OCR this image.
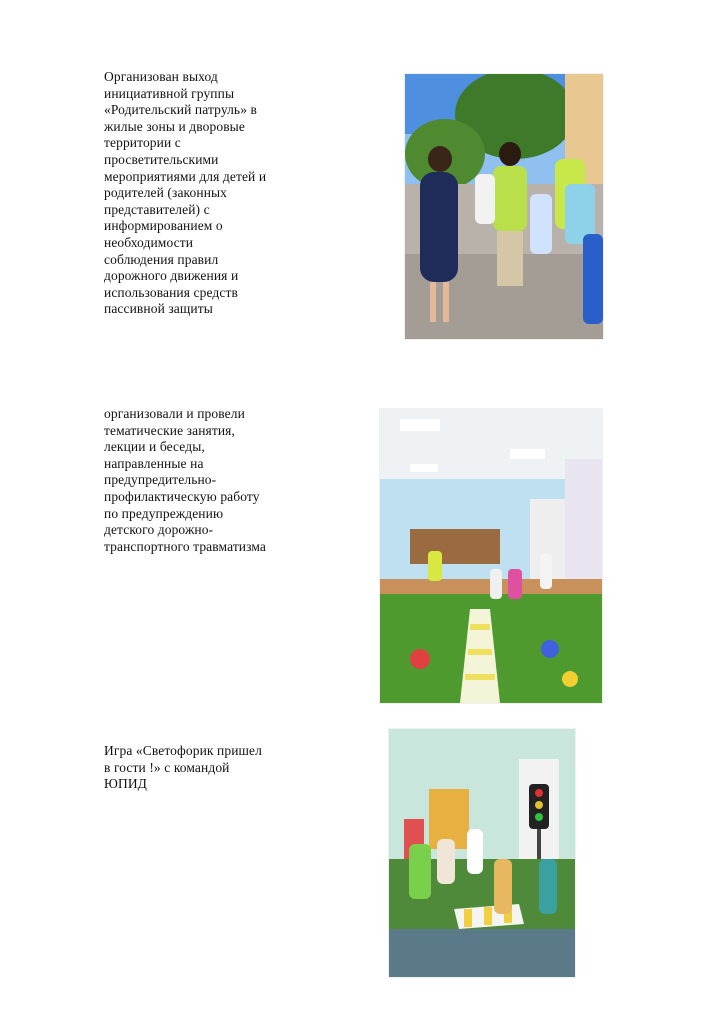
Организован выход
инициативной группы
«Родительский патруль» в
жилые зоны и дворовые
территории с
просветительскими
мероприятиями для детей и
родителей (законных
представителей) с
информированием о
необходимости
соблюдения правил
дорожного движения и
использования средств
пассивной защиты
организовали и провели
тематические занятия,
лекции и беседы,
направленные на
предупредительно-
профилактическую работу
по предупреждению
детского дорожно-
транспортного травматизма
Игра «Светофорик пришел
в гости !» с командой
ЮПИД
